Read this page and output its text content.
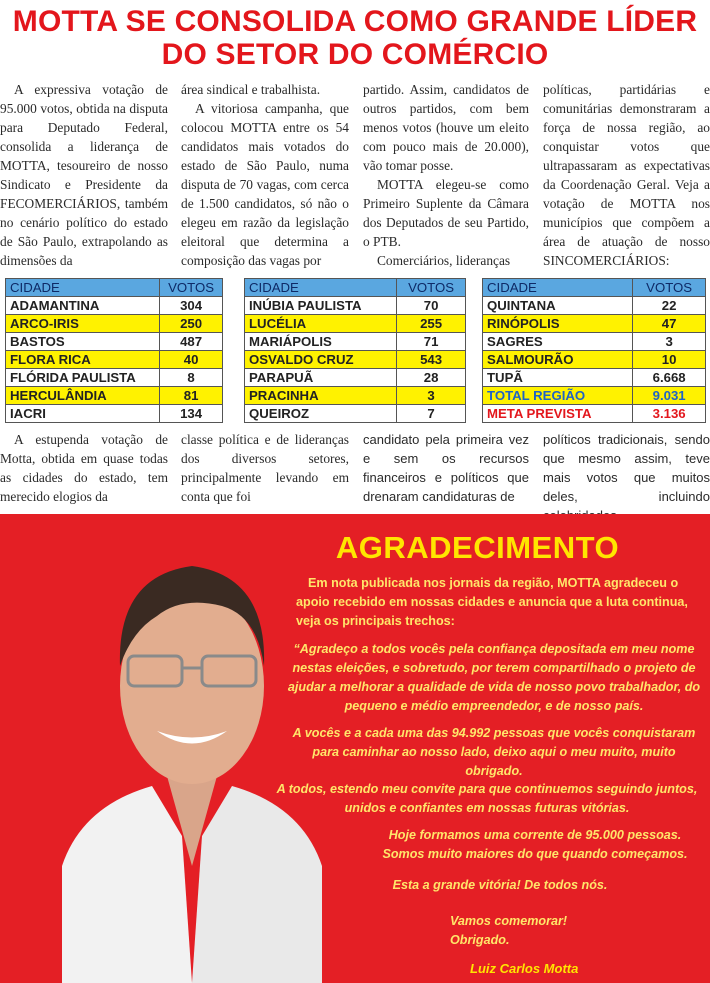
MOTTA SE CONSOLIDA COMO GRANDE LÍDER
DO SETOR DO COMÉRCIO

A expressiva votação de 95.000 votos, obtida na disputa para Deputado Federal, consolida a liderança de MOTTA, tesoureiro de nosso Sindicato e Presidente da FECOMERCIÁRIOS, também no cenário político do estado de São Paulo, extrapolando as dimensões da

área sindical e trabalhista.

A vitoriosa campanha, que colocou MOTTA entre os 54 candidatos mais votados do estado de São Paulo, numa disputa de 70 vagas, com cerca de 1.500 candidatos, só não o elegeu em razão da legislação eleitoral que determina a composição das vagas por

partido. Assim, candidatos de outros partidos, com bem menos votos (houve um eleito com pouco mais de 20.000), vão tomar posse.

MOTTA elegeu-se como Primeiro Suplente da Câmara dos Deputados de seu Partido, o PTB.

Comerciários, lideranças

políticas, partidárias e comunitárias demonstraram a força de nossa região, ao conquistar votos que ultrapassaram as expectativas da Coordenação Geral. Veja a votação de MOTTA nos municípios que compõem a área de atuação de nosso SINCOMERCIÁRIOS:

CIDADE	VOTOS
ADAMANTINA	304
ARCO-IRIS	250
BASTOS	487
FLORA RICA	40
FLÓRIDA PAULISTA	8
HERCULÂNDIA	81
IACRI	134
CIDADE	VOTOS
INÚBIA PAULISTA	70
LUCÉLIA	255
MARIÁPOLIS	71
OSVALDO CRUZ	543
PARAPUÃ	28
PRACINHA	3
QUEIROZ	7
CIDADE	VOTOS
QUINTANA	22
RINÓPOLIS	47
SAGRES	3
SALMOURÃO	10
TUPÃ	6.668
TOTAL REGIÃO	9.031
META PREVISTA	3.136

A estupenda votação de Motta, obtida em quase todas as cidades do estado, tem merecido elogios da

classe política e de lideranças dos diversos setores, principalmente levando em conta que foi

candidato pela primeira vez e sem os recursos financeiros e políticos que drenaram candidaturas de

políticos tradicionais, sendo que mesmo assim, teve mais votos que muitos deles, incluindo

AGRADECIMENTO
Em nota publicada nos jornais da região, MOTTA agradeceu o apoio recebido em nossas cidades e anuncia que a luta continua, veja os principais trechos:
“Agradeço a todos vocês pela confiança depositada em meu nome nestas eleições, e sobretudo, por terem compartilhado o projeto de ajudar a melhorar a qualidade de vida de nosso povo trabalhador, do pequeno e médio empreendedor, e de nosso país.
A vocês e a cada uma das 94.992 pessoas que vocês conquistaram para caminhar ao nosso lado, deixo aqui o meu muito, muito obrigado.
A todos, estendo meu convite para que continuemos seguindo juntos, unidos e confiantes em nossas futuras vitórias.
Hoje formamos uma corrente de 95.000 pessoas. Somos muito maiores do que quando começamos.
Esta a grande vitória! De todos nós.
Vamos comemorar! Obrigado.
Luiz Carlos Motta
